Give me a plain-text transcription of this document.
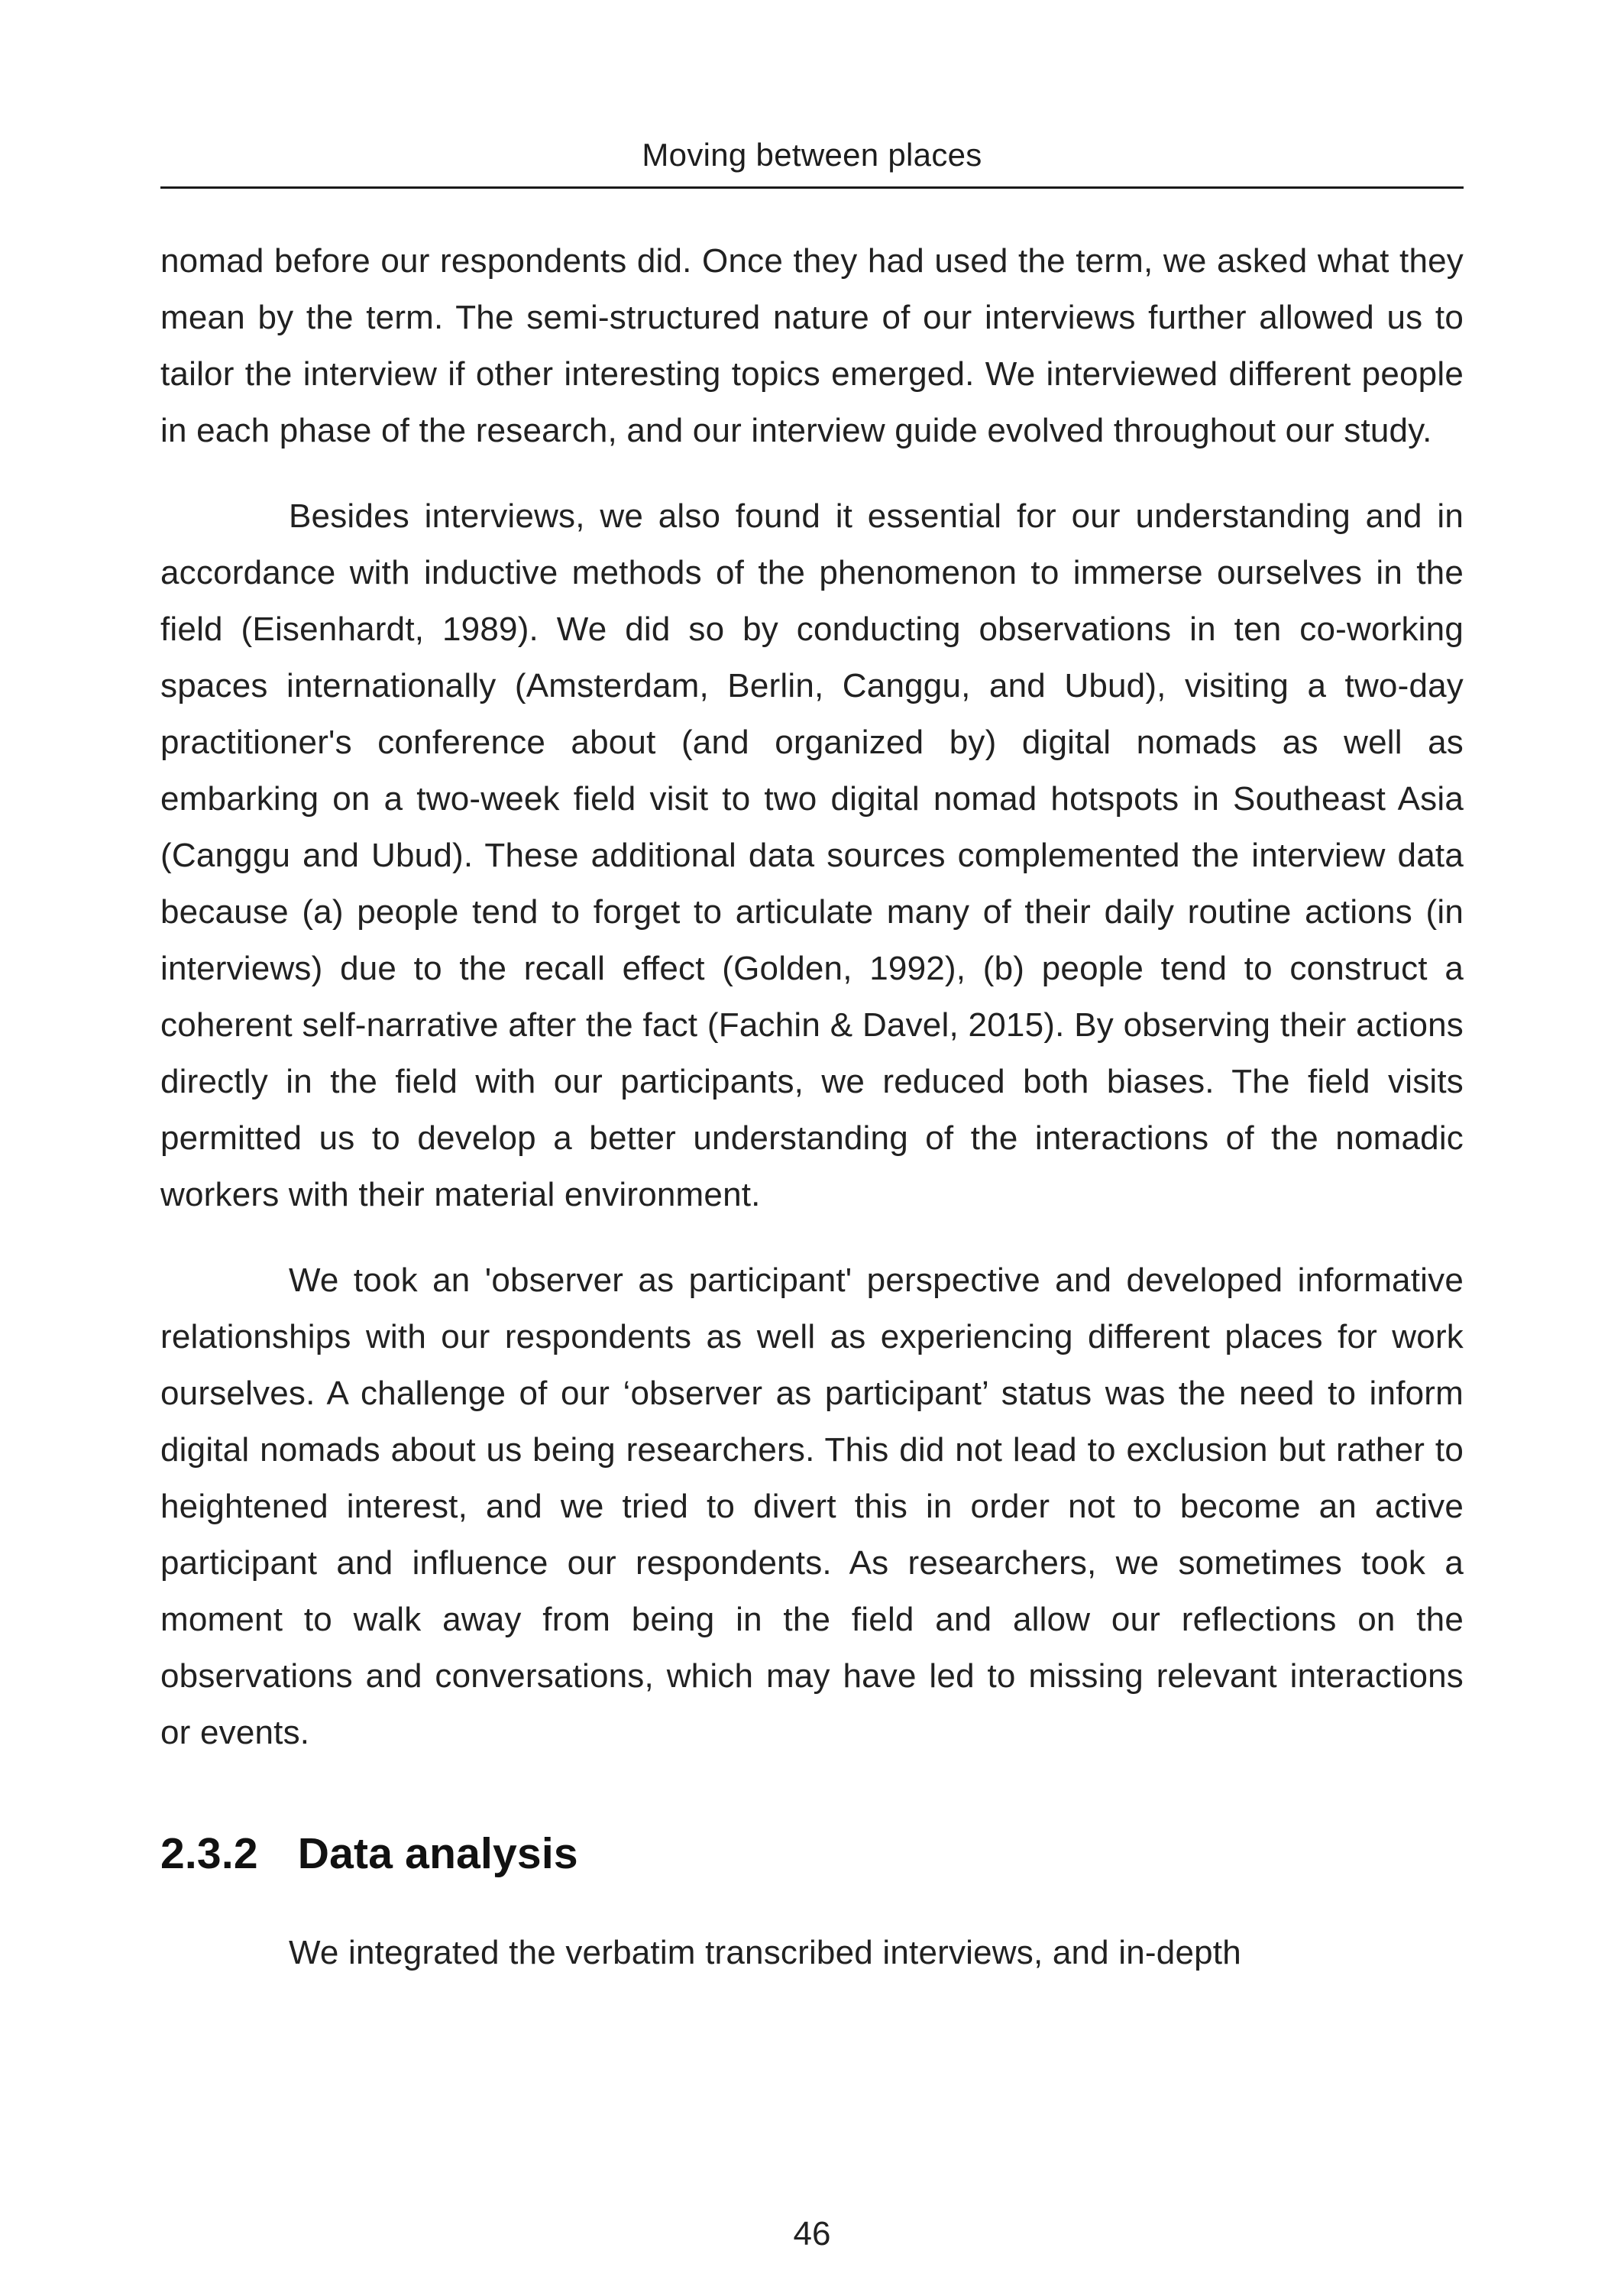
Moving between places

nomad before our respondents did. Once they had used the term, we asked what they mean by the term. The semi-structured nature of our interviews further allowed us to tailor the interview if other interesting topics emerged. We interviewed different people in each phase of the research, and our interview guide evolved throughout our study.

Besides interviews, we also found it essential for our understanding and in accordance with inductive methods of the phenomenon to immerse ourselves in the field (Eisenhardt, 1989). We did so by conducting observations in ten co-working spaces internationally (Amsterdam, Berlin, Canggu, and Ubud), visiting a two-day practitioner's conference about (and organized by) digital nomads as well as embarking on a two-week field visit to two digital nomad hotspots in Southeast Asia (Canggu and Ubud). These additional data sources complemented the interview data because (a) people tend to forget to articulate many of their daily routine actions (in interviews) due to the recall effect (Golden, 1992), (b) people tend to construct a coherent self-narrative after the fact (Fachin & Davel, 2015). By observing their actions directly in the field with our participants, we reduced both biases. The field visits permitted us to develop a better understanding of the interactions of the nomadic workers with their material environment.

We took an 'observer as participant' perspective and developed informative relationships with our respondents as well as experiencing different places for work ourselves. A challenge of our ‘observer as participant’ status was the need to inform digital nomads about us being researchers. This did not lead to exclusion but rather to heightened interest, and we tried to divert this in order not to become an active participant and influence our respondents. As researchers, we sometimes took a moment to walk away from being in the field and allow our reflections on the observations and conversations, which may have led to missing relevant interactions or events.

2.3.2 Data analysis

We integrated the verbatim transcribed interviews, and in-depth

46
